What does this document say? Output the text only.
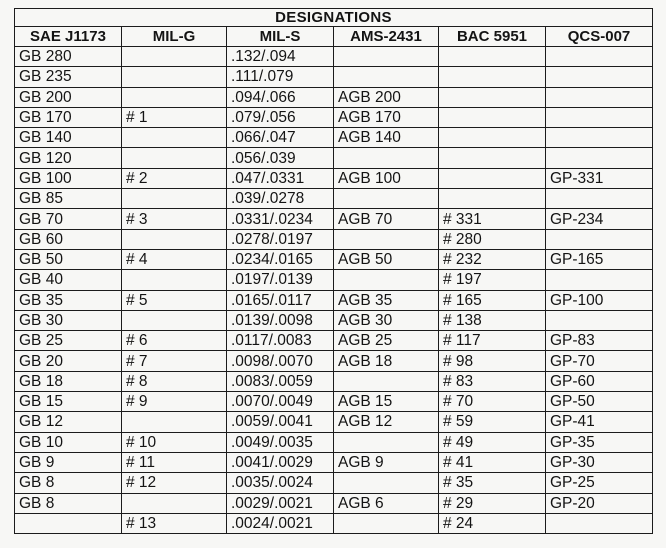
DESIGNATIONS					
SAE J1173	MIL-G	MIL-S	AMS-2431	BAC 5951	QCS-007
GB 280		.132/.094			
GB 235		.111/.079			
GB 200		.094/.066	AGB 200		
GB 170	# 1	.079/.056	AGB 170		
GB 140		.066/.047	AGB 140		
GB 120		.056/.039			
GB 100	# 2	.047/.0331	AGB 100		GP-331
GB 85		.039/.0278			
GB 70	# 3	.0331/.0234	AGB 70	# 331	GP-234
GB 60		.0278/.0197		# 280	
GB 50	# 4	.0234/.0165	AGB 50	# 232	GP-165
GB 40		.0197/.0139		# 197	
GB 35	# 5	.0165/.0117	AGB 35	# 165	GP-100
GB 30		.0139/.0098	AGB 30	# 138	
GB 25	# 6	.0117/.0083	AGB 25	# 117	GP-83
GB 20	# 7	.0098/.0070	AGB 18	# 98	GP-70
GB 18	# 8	.0083/.0059		# 83	GP-60
GB 15	# 9	.0070/.0049	AGB 15	# 70	GP-50
GB 12		.0059/.0041	AGB 12	# 59	GP-41
GB 10	# 10	.0049/.0035		# 49	GP-35
GB 9	# 11	.0041/.0029	AGB 9	# 41	GP-30
GB 8	# 12	.0035/.0024		# 35	GP-25
GB 8		.0029/.0021	AGB 6	# 29	GP-20
	# 13	.0024/.0021		# 24	
